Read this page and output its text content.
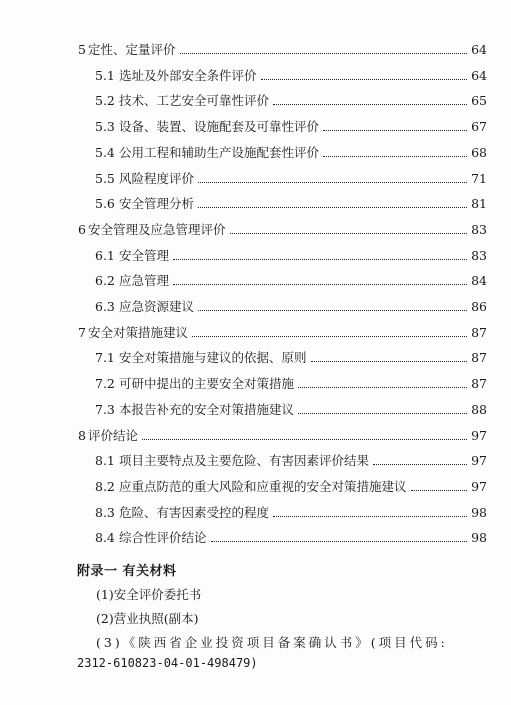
5 定性、定量评价	64
5.1 选址及外部安全条件评价	64
5.2 技术、工艺安全可靠性评价	65
5.3 设备、装置、设施配套及可靠性评价	67
5.4 公用工程和辅助生产设施配套性评价	68
5.5 风险程度评价	71
5.6 安全管理分析	81
6 安全管理及应急管理评价	83
6.1 安全管理	83
6.2 应急管理	84
6.3 应急资源建议	86
7 安全对策措施建议	87
7.1 安全对策措施与建议的依据、原则	87
7.2 可研中提出的主要安全对策措施	87
7.3 本报告补充的安全对策措施建议	88
8 评价结论	97
8.1 项目主要特点及主要危险、有害因素评价结果	97
8.2 应重点防范的重大风险和应重视的安全对策措施建议	97
8.3 危险、有害因素受控的程度	98
8.4 综合性评价结论	98
附录一 有关材料
(1)安全评价委托书
(2)营业执照(副本)
(3)《陕西省企业投资项目备案确认书》(项目代码:
2312-610823-04-01-498479)
